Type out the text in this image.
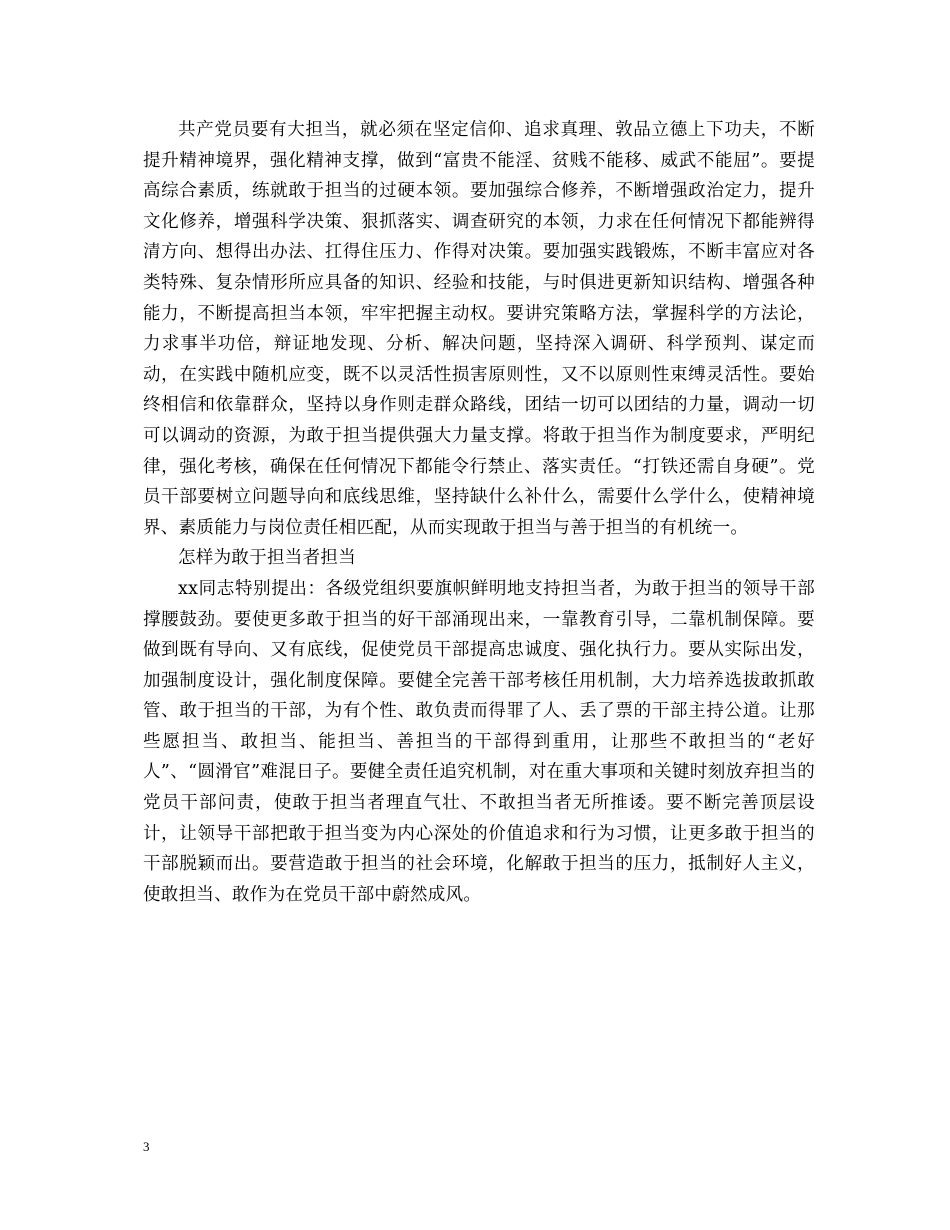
共产党员要有大担当，就必须在坚定信仰、追求真理、敦品立德上下功夫，不断提升精神境界，强化精神支撑，做到“富贵不能淫、贫贱不能移、威武不能屈”。要提高综合素质，练就敢于担当的过硬本领。要加强综合修养，不断增强政治定力，提升文化修养，增强科学决策、狠抓落实、调查研究的本领，力求在任何情况下都能辨得清方向、想得出办法、扛得住压力、作得对决策。要加强实践锻炼，不断丰富应对各类特殊、复杂情形所应具备的知识、经验和技能，与时俱进更新知识结构、增强各种能力，不断提高担当本领，牢牢把握主动权。要讲究策略方法，掌握科学的方法论，力求事半功倍，辩证地发现、分析、解决问题，坚持深入调研、科学预判、谋定而动，在实践中随机应变，既不以灵活性损害原则性，又不以原则性束缚灵活性。要始终相信和依靠群众，坚持以身作则走群众路线，团结一切可以团结的力量，调动一切可以调动的资源，为敢于担当提供强大力量支撑。将敢于担当作为制度要求，严明纪律，强化考核，确保在任何情况下都能令行禁止、落实责任。“打铁还需自身硬”。党员干部要树立问题导向和底线思维，坚持缺什么补什么，需要什么学什么，使精神境界、素质能力与岗位责任相匹配，从而实现敢于担当与善于担当的有机统一。

怎样为敢于担当者担当

xx同志特别提出：各级党组织要旗帜鲜明地支持担当者，为敢于担当的领导干部撑腰鼓劲。要使更多敢于担当的好干部涌现出来，一靠教育引导，二靠机制保障。要做到既有导向、又有底线，促使党员干部提高忠诚度、强化执行力。要从实际出发，加强制度设计，强化制度保障。要健全完善干部考核任用机制，大力培养选拔敢抓敢管、敢于担当的干部，为有个性、敢负责而得罪了人、丢了票的干部主持公道。让那些愿担当、敢担当、能担当、善担当的干部得到重用，让那些不敢担当的“老好人”、“圆滑官”难混日子。要健全责任追究机制，对在重大事项和关键时刻放弃担当的党员干部问责，使敢于担当者理直气壮、不敢担当者无所推诿。要不断完善顶层设计，让领导干部把敢于担当变为内心深处的价值追求和行为习惯，让更多敢于担当的干部脱颖而出。要营造敢于担当的社会环境，化解敢于担当的压力，抵制好人主义，使敢担当、敢作为在党员干部中蔚然成风。

3
